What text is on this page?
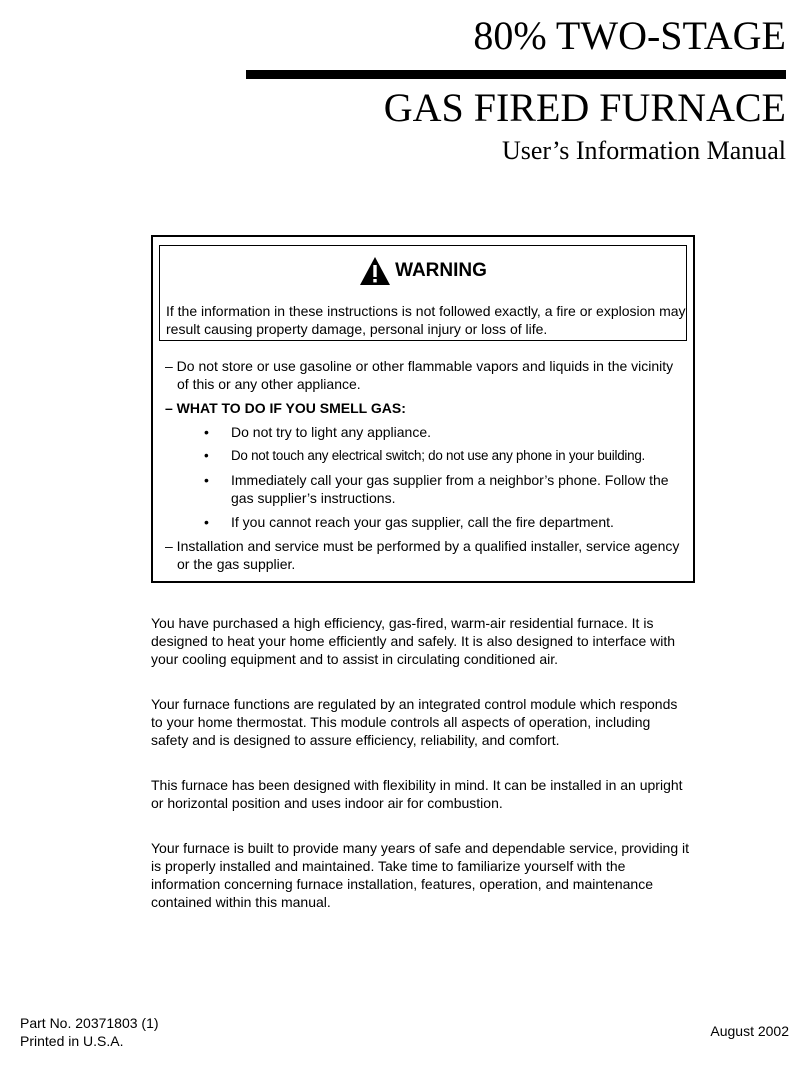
80% TWO-STAGE
GAS FIRED FURNACE
User’s Information Manual
WARNING
If the information in these instructions is not followed exactly, a fire or explosion may result causing property damage, personal injury or loss of life.
– Do not store or use gasoline or other flammable vapors and liquids in the vicinity of this or any other appliance.
– WHAT TO DO IF YOU SMELL GAS:
• Do not try to light any appliance.
• Do not touch any electrical switch; do not use any phone in your building.
• Immediately call your gas supplier from a neighbor’s phone. Follow the gas supplier’s instructions.
• If you cannot reach your gas supplier, call the fire department.
– Installation and service must be performed by a qualified installer, service agency or the gas supplier.
You have purchased a high efficiency, gas-fired, warm-air residential furnace. It is designed to heat your home efficiently and safely. It is also designed to interface with your cooling equipment and to assist in circulating conditioned air.
Your furnace functions are regulated by an integrated control module which responds to your home thermostat. This module controls all aspects of operation, including safety and is designed to assure efficiency, reliability, and comfort.
This furnace has been designed with flexibility in mind. It can be installed in an upright or horizontal position and uses indoor air for combustion.
Your furnace is built to provide many years of safe and dependable service, providing it is properly installed and maintained. Take time to familiarize yourself with the information concerning furnace installation, features, operation, and maintenance contained within this manual.
Part No. 20371803 (1)
Printed in U.S.A.
August 2002
